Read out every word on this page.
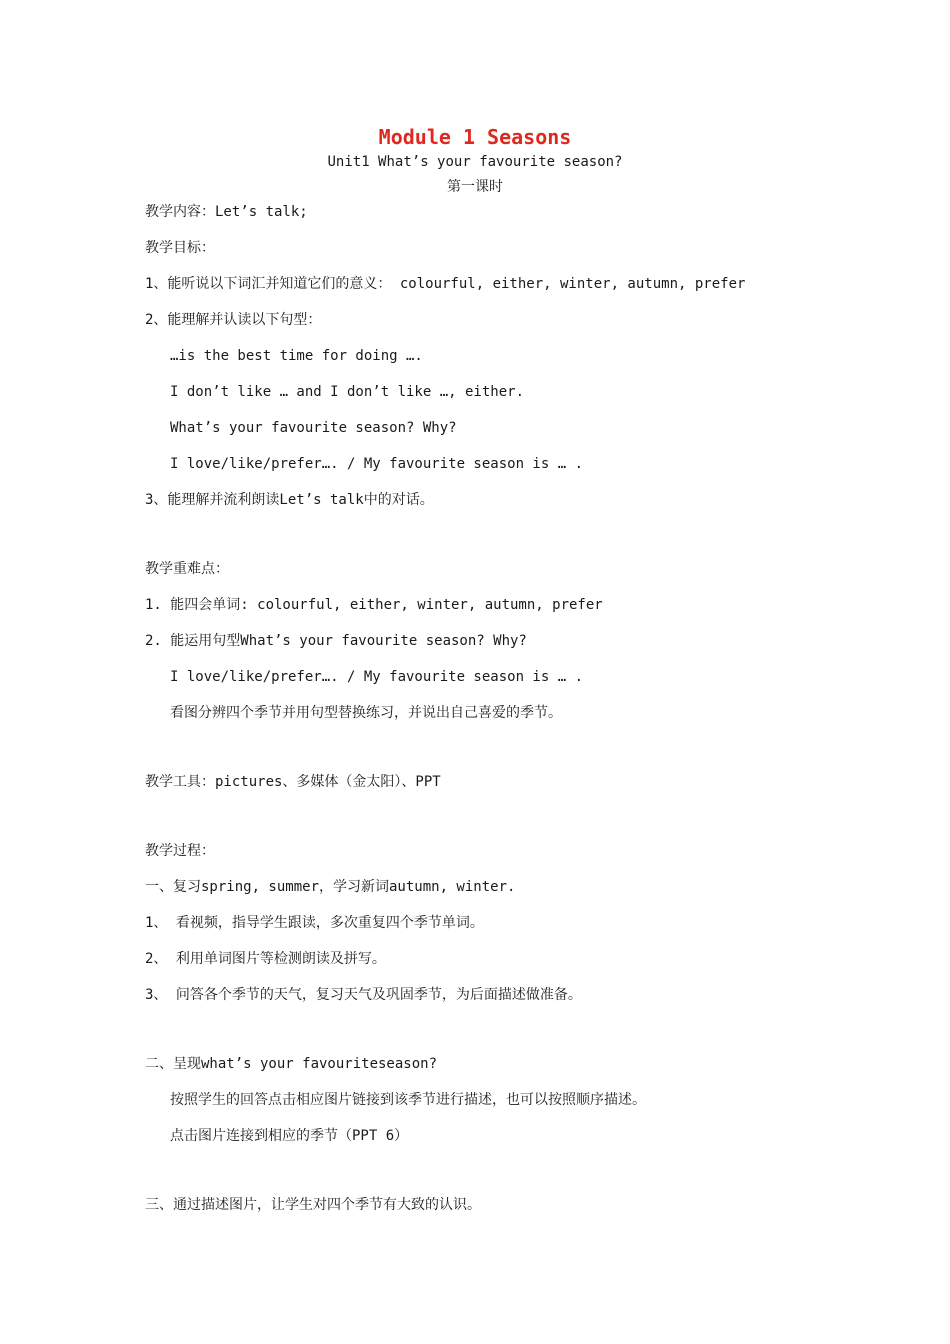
Module 1 Seasons
Unit1 What’s your favourite season?
第一课时
教学内容：Let’s talk;
教学目标：
1、能听说以下词汇并知道它们的意义： colourful, either, winter, autumn, prefer
2、能理解并认读以下句型：
…is the best time for doing ….
I don’t like … and I don’t like …, either.
What’s your favourite season? Why?
I love/like/prefer…. / My favourite season is … .
3、能理解并流利朗读Let’s talk中的对话。
教学重难点：
1. 能四会单词: colourful, either, winter, autumn, prefer
2. 能运用句型What’s your favourite season? Why?
I love/like/prefer…. / My favourite season is … .
看图分辨四个季节并用句型替换练习，并说出自己喜爱的季节。
教学工具：pictures、多媒体（金太阳）、PPT
教学过程：
一、复习spring, summer，学习新词autumn, winter.
1、 看视频，指导学生跟读，多次重复四个季节单词。
2、 利用单词图片等检测朗读及拼写。
3、 问答各个季节的天气，复习天气及巩固季节，为后面描述做准备。
二、呈现what’s your favouriteseason?
按照学生的回答点击相应图片链接到该季节进行描述，也可以按照顺序描述。
点击图片连接到相应的季节（PPT 6）
三、通过描述图片，让学生对四个季节有大致的认识。
